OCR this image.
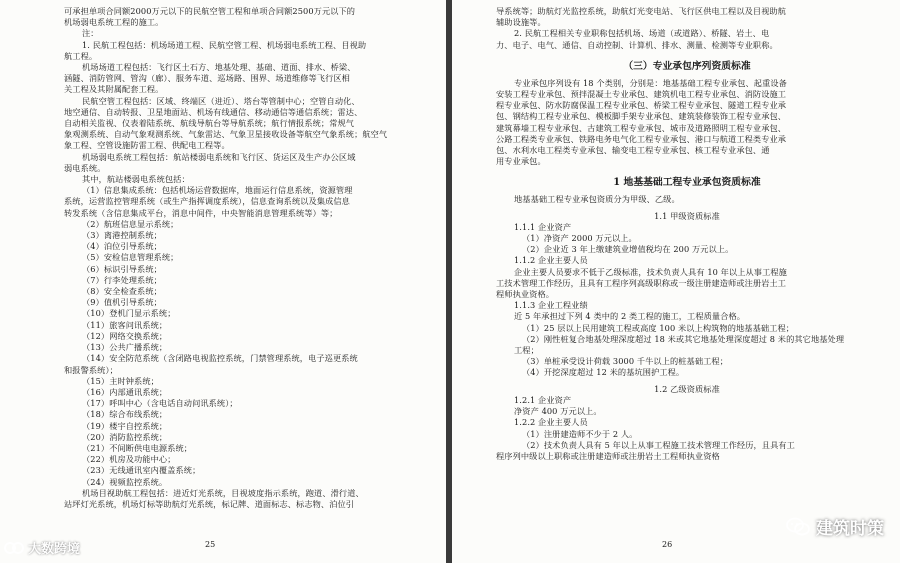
可承担单项合同额2000万元以下的民航空管工程和单项合同额2500万元以下的
机场弱电系统工程的施工。
注：
1. 民航工程包括：机场场道工程、民航空管工程、机场弱电系统工程、目视助
航工程。
机场场道工程包括：飞行区土石方、地基处理、基础、道面、排水、桥梁、
涵隧、消防管网、管沟（廊）、服务车道、巡场路、围界、场道维修等飞行区相
关工程及其附属配套工程。
民航空管工程包括：区域、终端区（进近）、塔台等管制中心；空管自动化、
地空通信、自动转报、卫星地面站、机场有线通信、移动通信等通信系统；雷达、
自动相关监视、仪表着陆系统、航线导航台等导航系统；航行情报系统；常规气
象观测系统、自动气象观测系统、气象雷达、气象卫星接收设备等航空气象系统；航空气
象工程、空管设施防雷工程、供配电工程等。
机场弱电系统工程包括：航站楼弱电系统和飞行区、货运区及生产办公区域
弱电系统。
其中，航站楼弱电系统包括：
（1）信息集成系统：包括机场运营数据库，地面运行信息系统，资源管理
系统，运营监控管理系统（或生产指挥调度系统），信息查询系统以及集成信息
转发系统（含信息集成平台，消息中间件，中央智能消息管理系统等）等；
（2）航班信息显示系统；
（3）离港控制系统；
（4）泊位引导系统；
（5）安检信息管理系统；
（6）标识引导系统；
（7）行李处理系统；
（8）安全检查系统；
（9）值机引导系统；
（10）登机门显示系统；
（11）旅客问讯系统；
（12）网络交换系统；
（13）公共广播系统；
（14）安全防范系统（含闭路电视监控系统，门禁管理系统，电子巡更系统
和报警系统）；
（15）主时钟系统；
（16）内部通讯系统；
（17）呼叫中心（含电话自动问讯系统）；
（18）综合布线系统；
（19）楼宇自控系统；
（20）消防监控系统；
（21）不间断供电电源系统；
（22）机房及功能中心；
（23）无线通讯室内覆盖系统；
（24）视频监控系统。
机场目视助航工程包括：进近灯光系统，目视坡度指示系统，跑道、滑行道、
站坪灯光系统，机场灯标等助航灯光系统，标记牌、道面标志、标志物、泊位引
25
导系统等；助航灯光监控系统，助航灯光变电站、飞行区供电工程以及目视助航
辅助设施等。
2. 民航工程相关专业职称包括机场、场道（或道路）、桥隧、岩土、电
力、电子、电气、通信、自动控制、计算机、排水、测量、检测等专业职称。
（三）专业承包序列资质标准
专业承包序列设有 18 个类别，分别是：地基基础工程专业承包、起重设备
安装工程专业承包、预拌混凝土专业承包、建筑机电工程专业承包、消防设施工
程专业承包、防水防腐保温工程专业承包、桥梁工程专业承包、隧道工程专业承
包、钢结构工程专业承包、模板脚手架专业承包、建筑装修装饰工程专业承包、
建筑幕墙工程专业承包、古建筑工程专业承包、城市及道路照明工程专业承包、
公路工程类专业承包、铁路电务电气化工程专业承包、港口与航道工程类专业承
包、水利水电工程类专业承包、输变电工程专业承包、核工程专业承包、通
用专业承包。
1 地基基础工程专业承包资质标准
地基基础工程专业承包资质分为甲级、乙级。
1.1 甲级资质标准
1.1.1 企业资产
（1）净资产 2000 万元以上。
（2）企业近 3 年上缴建筑业增值税均在 200 万元以上。
1.1.2 企业主要人员
企业主要人员要求不低于乙级标准，技术负责人具有 10 年以上从事工程施
工技术管理工作经历，且具有工程序列高级职称或一级注册建造师或注册岩土工
程师执业资格。
1.1.3 企业工程业绩
近 5 年承担过下列 4 类中的 2 类工程的施工，工程质量合格。
（1）25 层以上民用建筑工程或高度 100 米以上构筑物的地基基础工程；
（2）刚性桩复合地基处理深度超过 18 米或其它地基处理深度超过 8 米的其它地基处理
工程；
（3）单桩承受设计荷载 3000 千牛以上的桩基础工程；
（4）开挖深度超过 12 米的基坑围护工程。
1.2 乙级资质标准
1.2.1 企业资产
净资产 400 万元以上。
1.2.2 企业主要人员
（1）注册建造师不少于 2 人。
（2）技术负责人具有 5 年以上从事工程施工技术管理工作经历，且具有工
程序列中级以上职称或注册建造师或注册岩土工程师执业资格
26
大数跨境
建筑时策
